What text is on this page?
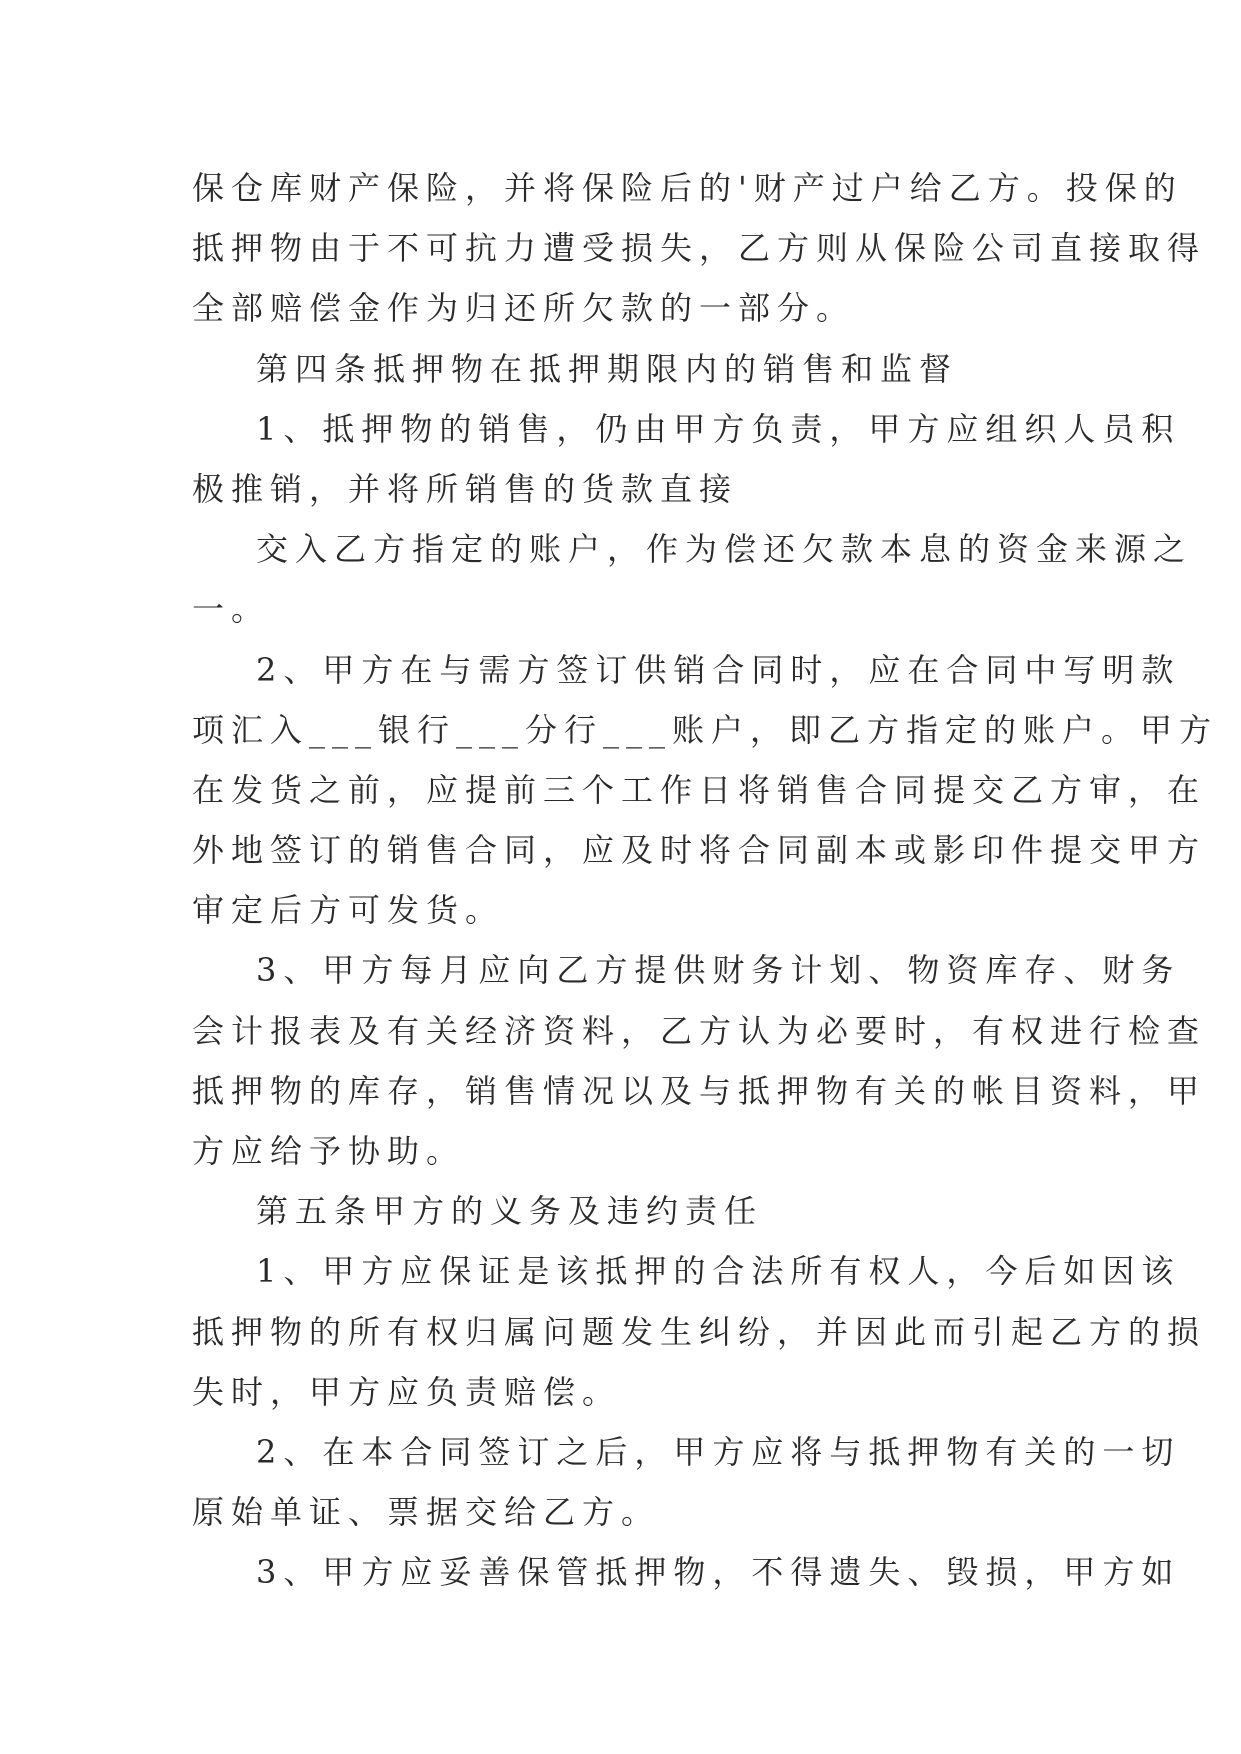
保仓库财产保险，并将保险后的'财产过户给乙方。投保的
抵押物由于不可抗力遭受损失，乙方则从保险公司直接取得
全部赔偿金作为归还所欠款的一部分。
第四条抵押物在抵押期限内的销售和监督
1、抵押物的销售，仍由甲方负责，甲方应组织人员积
极推销，并将所销售的货款直接
交入乙方指定的账户，作为偿还欠款本息的资金来源之
一。
2、甲方在与需方签订供销合同时，应在合同中写明款
项汇入___银行___分行___账户，即乙方指定的账户。甲方
在发货之前，应提前三个工作日将销售合同提交乙方审，在
外地签订的销售合同，应及时将合同副本或影印件提交甲方
审定后方可发货。
3、甲方每月应向乙方提供财务计划、物资库存、财务
会计报表及有关经济资料，乙方认为必要时，有权进行检查
抵押物的库存，销售情况以及与抵押物有关的帐目资料，甲
方应给予协助。
第五条甲方的义务及违约责任
1、甲方应保证是该抵押的合法所有权人，今后如因该
抵押物的所有权归属问题发生纠纷，并因此而引起乙方的损
失时，甲方应负责赔偿。
2、在本合同签订之后，甲方应将与抵押物有关的一切
原始单证、票据交给乙方。
3、甲方应妥善保管抵押物，不得遗失、毁损，甲方如
